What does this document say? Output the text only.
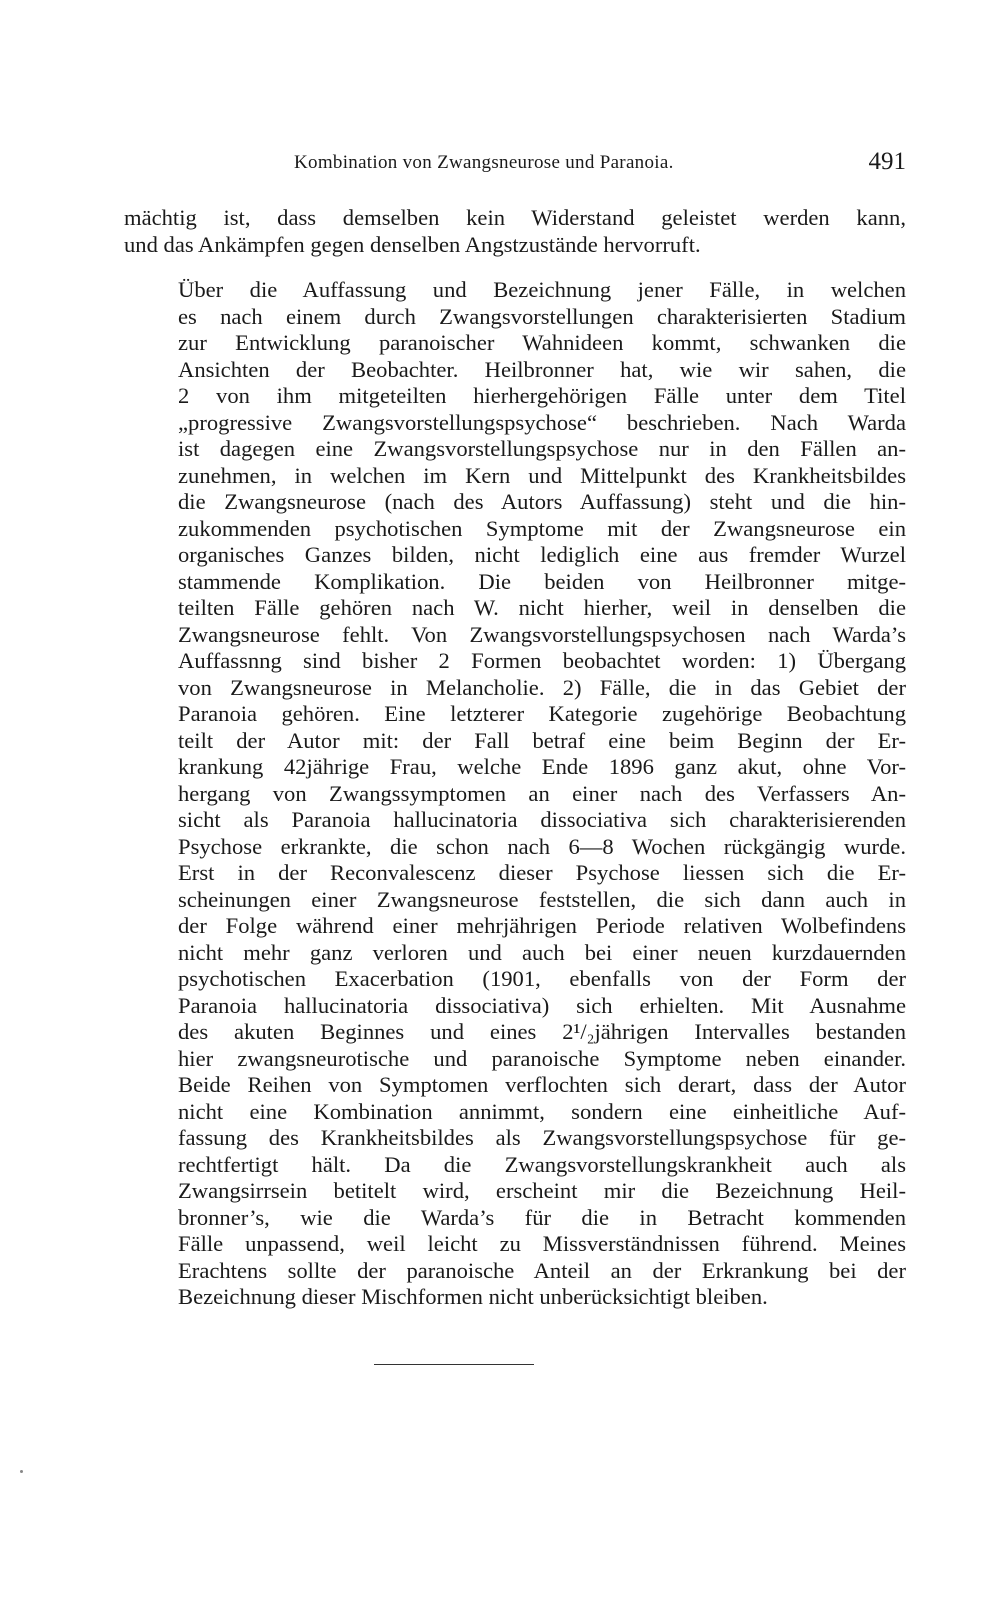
Kombination von Zwangsneurose und Paranoia.	491

mächtig ist, dass demselben kein Widerstand geleistet werden kann,
und das Ankämpfen gegen denselben Angstzustände hervorruft.

Über die Auffassung und Bezeichnung jener Fälle, in welchen
es nach einem durch Zwangsvorstellungen charakterisierten Stadium
zur Entwicklung paranoischer Wahnideen kommt, schwanken die
Ansichten der Beobachter. Heilbronner hat, wie wir sahen, die
2 von ihm mitgeteilten hierhergehörigen Fälle unter dem Titel
„progressive Zwangsvorstellungspsychose“ beschrieben. Nach Warda
ist dagegen eine Zwangsvorstellungspsychose nur in den Fällen an-
zunehmen, in welchen im Kern und Mittelpunkt des Krankheitsbildes
die Zwangsneurose (nach des Autors Auffassung) steht und die hin-
zukommenden psychotischen Symptome mit der Zwangsneurose ein
organisches Ganzes bilden, nicht lediglich eine aus fremder Wurzel
stammende Komplikation. Die beiden von Heilbronner mitge-
teilten Fälle gehören nach W. nicht hierher, weil in denselben die
Zwangsneurose fehlt. Von Zwangsvorstellungspsychosen nach Warda’s
Auffassnng sind bisher 2 Formen beobachtet worden: 1) Übergang
von Zwangsneurose in Melancholie. 2) Fälle, die in das Gebiet der
Paranoia gehören. Eine letzterer Kategorie zugehörige Beobachtung
teilt der Autor mit: der Fall betraf eine beim Beginn der Er-
krankung 42jährige Frau, welche Ende 1896 ganz akut, ohne Vor-
hergang von Zwangssymptomen an einer nach des Verfassers An-
sicht als Paranoia hallucinatoria dissociativa sich charakterisierenden
Psychose erkrankte, die schon nach 6—8 Wochen rückgängig wurde.
Erst in der Reconvalescenz dieser Psychose liessen sich die Er-
scheinungen einer Zwangsneurose feststellen, die sich dann auch in
der Folge während einer mehrjährigen Periode relativen Wolbefindens
nicht mehr ganz verloren und auch bei einer neuen kurzdauernden
psychotischen Exacerbation (1901, ebenfalls von der Form der
Paranoia hallucinatoria dissociativa) sich erhielten. Mit Ausnahme
des akuten Beginnes und eines 2¹/₂jährigen Intervalles bestanden
hier zwangsneurotische und paranoische Symptome neben einander.
Beide Reihen von Symptomen verflochten sich derart, dass der Autor
nicht eine Kombination annimmt, sondern eine einheitliche Auf-
fassung des Krankheitsbildes als Zwangsvorstellungspsychose für ge-
rechtfertigt hält. Da die Zwangsvorstellungskrankheit auch als
Zwangsirrsein betitelt wird, erscheint mir die Bezeichnung Heil-
bronner’s, wie die Warda’s für die in Betracht kommenden
Fälle unpassend, weil leicht zu Missverständnissen führend. Meines
Erachtens sollte der paranoische Anteil an der Erkrankung bei der
Bezeichnung dieser Mischformen nicht unberücksichtigt bleiben.
